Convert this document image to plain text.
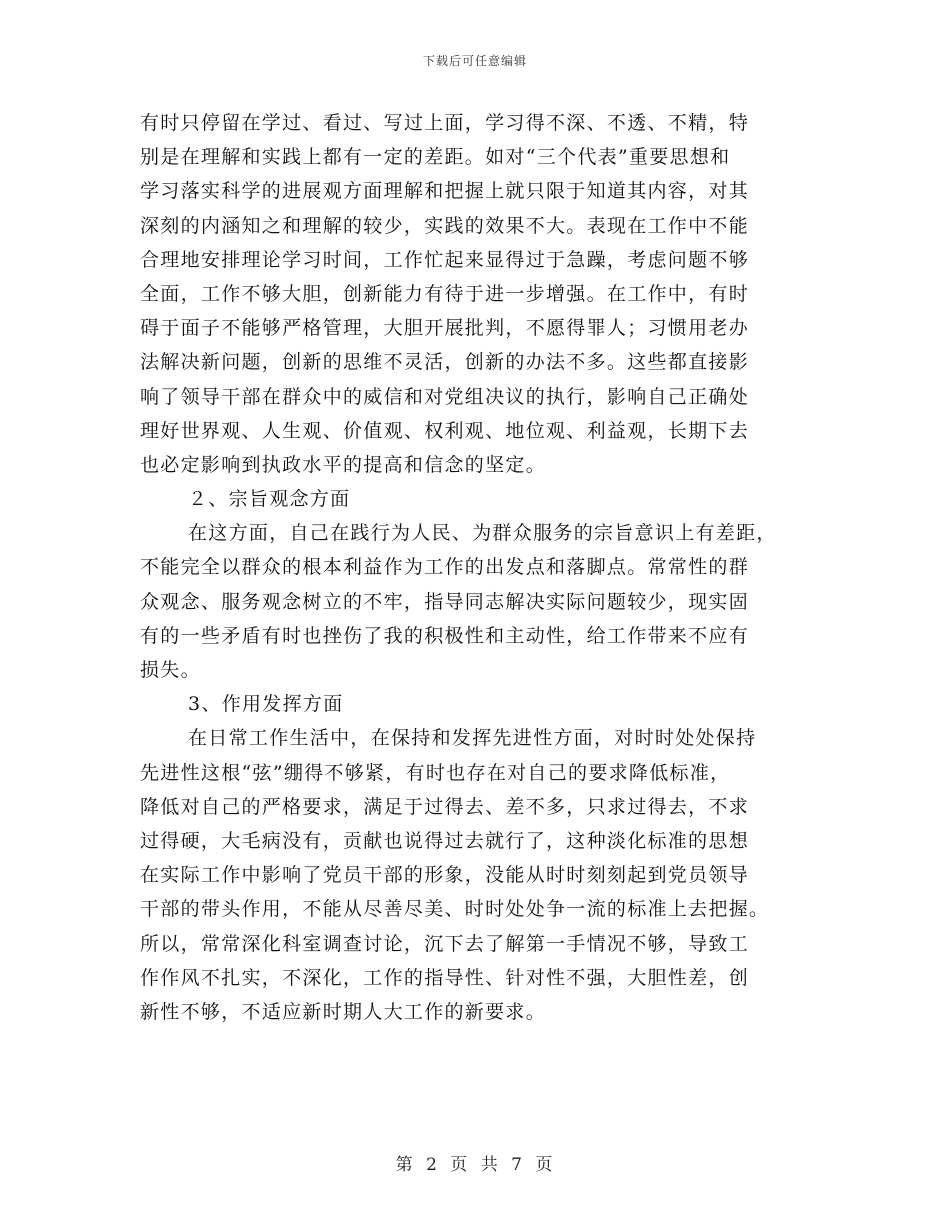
下载后可任意编辑
有时只停留在学过、看过、写过上面，学习得不深、不透、不精，特
别是在理解和实践上都有一定的差距。如对“三个代表”重要思想和
学习落实科学的进展观方面理解和把握上就只限于知道其内容，对其
深刻的内涵知之和理解的较少，实践的效果不大。表现在工作中不能
合理地安排理论学习时间，工作忙起来显得过于急躁，考虑问题不够
全面，工作不够大胆，创新能力有待于进一步增强。在工作中，有时
碍于面子不能够严格管理，大胆开展批判，不愿得罪人；习惯用老办
法解决新问题，创新的思维不灵活，创新的办法不多。这些都直接影
响了领导干部在群众中的威信和对党组决议的执行，影响自己正确处
理好世界观、人生观、价值观、权利观、地位观、利益观，长期下去
也必定影响到执政水平的提高和信念的坚定。
２、宗旨观念方面
在这方面，自己在践行为人民、为群众服务的宗旨意识上有差距，
不能完全以群众的根本利益作为工作的出发点和落脚点。常常性的群
众观念、服务观念树立的不牢，指导同志解决实际问题较少，现实固
有的一些矛盾有时也挫伤了我的积极性和主动性，给工作带来不应有
损失。
3、作用发挥方面
在日常工作生活中，在保持和发挥先进性方面，对时时处处保持
先进性这根“弦”绷得不够紧，有时也存在对自己的要求降低标准，
降低对自己的严格要求，满足于过得去、差不多，只求过得去，不求
过得硬，大毛病没有，贡献也说得过去就行了，这种淡化标准的思想
在实际工作中影响了党员干部的形象，没能从时时刻刻起到党员领导
干部的带头作用，不能从尽善尽美、时时处处争一流的标准上去把握。
所以，常常深化科室调查讨论，沉下去了解第一手情况不够，导致工
作作风不扎实，不深化，工作的指导性、针对性不强，大胆性差，创
新性不够，不适应新时期人大工作的新要求。
第 2 页 共 7 页
